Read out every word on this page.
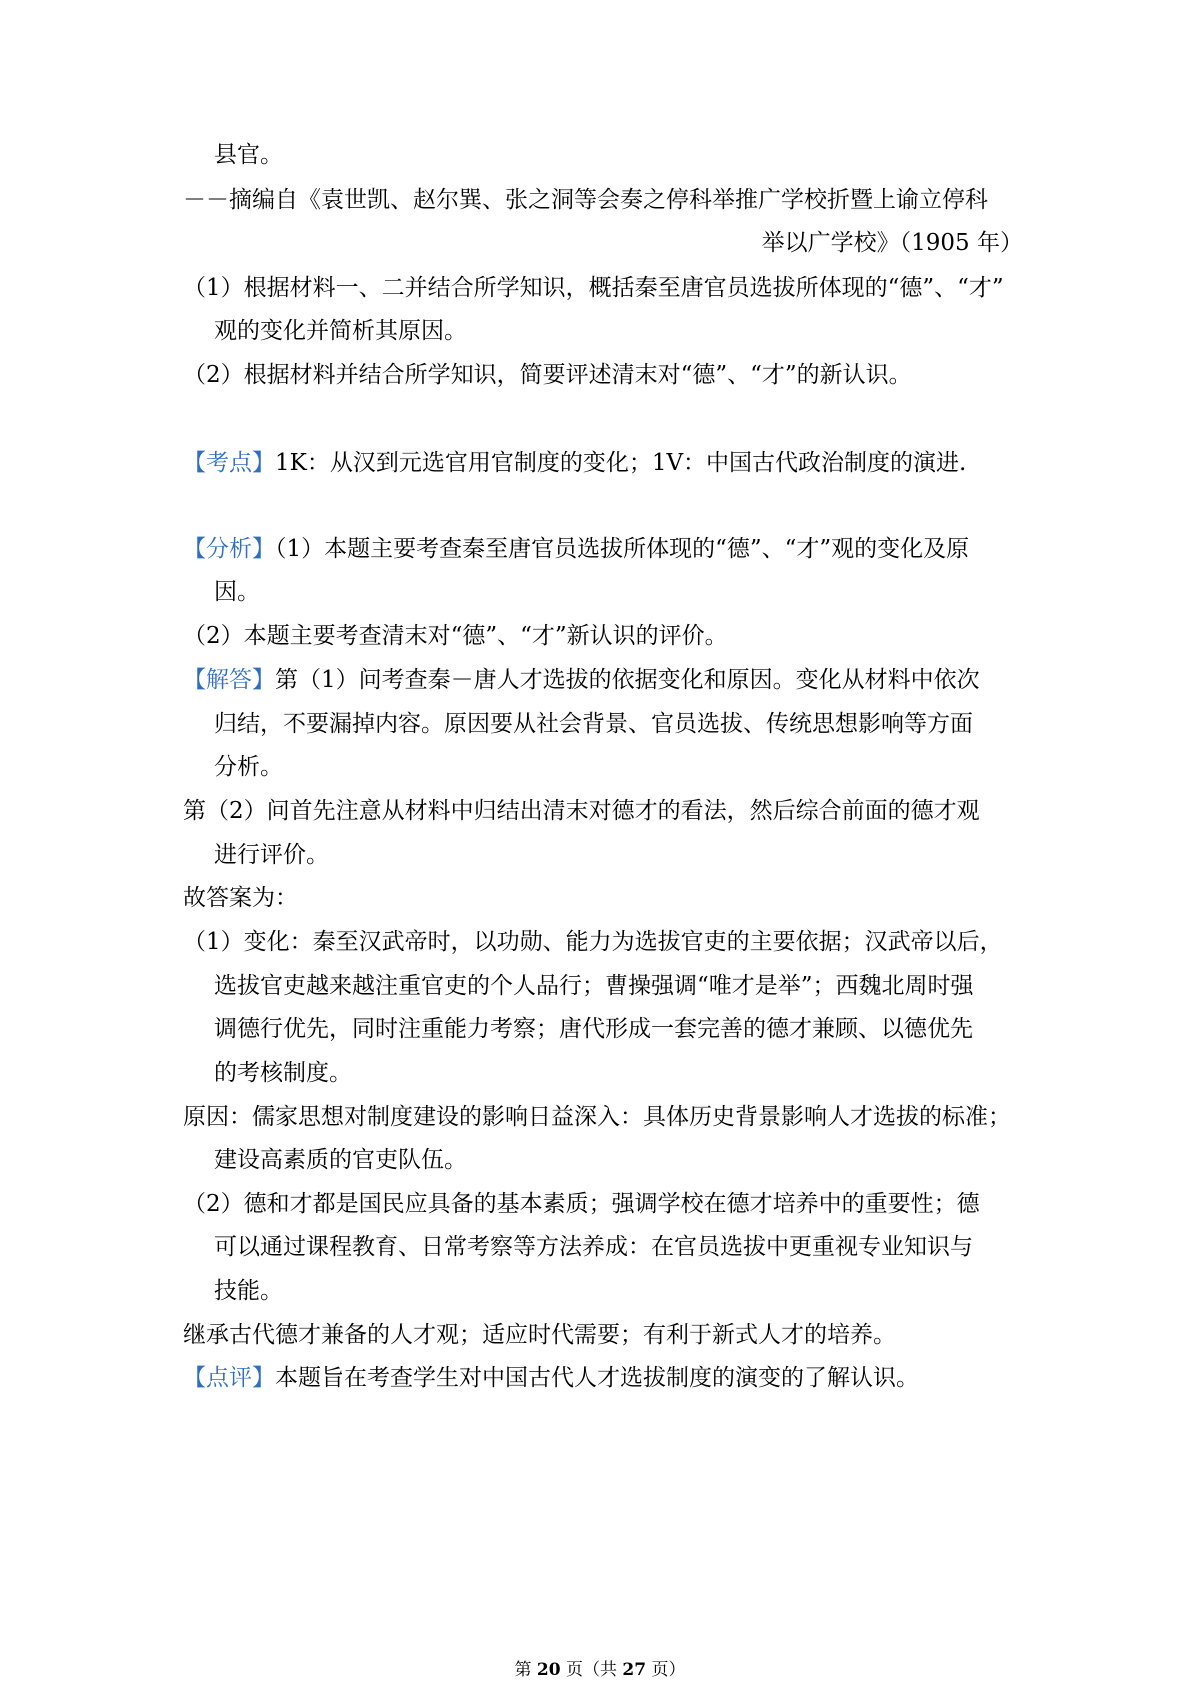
县官。
－－摘编自《袁世凯、赵尔巽、张之洞等会奏之停科举推广学校折暨上谕立停科
举以广学校》（1905 年）
（1）根据材料一、二并结合所学知识，概括秦至唐官员选拔所体现的“德”、“才”
观的变化并简析其原因。
（2）根据材料并结合所学知识，简要评述清末对“德”、“才”的新认识。
【考点】1K：从汉到元选官用官制度的变化；1V：中国古代政治制度的演进.
【分析】（1）本题主要考查秦至唐官员选拔所体现的“德”、“才”观的变化及原
因。
（2）本题主要考查清末对“德”、“才”新认识的评价。
【解答】第（1）问考查秦－唐人才选拔的依据变化和原因。变化从材料中依次
归结，不要漏掉内容。原因要从社会背景、官员选拔、传统思想影响等方面
分析。
第（2）问首先注意从材料中归结出清末对德才的看法，然后综合前面的德才观
进行评价。
故答案为：
（1）变化：秦至汉武帝时，以功勋、能力为选拔官吏的主要依据；汉武帝以后，
选拔官吏越来越注重官吏的个人品行；曹操强调“唯才是举”；西魏北周时强
调德行优先，同时注重能力考察；唐代形成一套完善的德才兼顾、以德优先
的考核制度。
原因：儒家思想对制度建设的影响日益深入：具体历史背景影响人才选拔的标准；
建设高素质的官吏队伍。
（2）德和才都是国民应具备的基本素质；强调学校在德才培养中的重要性；德
可以通过课程教育、日常考察等方法养成：在官员选拔中更重视专业知识与
技能。
继承古代德才兼备的人才观；适应时代需要；有利于新式人才的培养。
【点评】本题旨在考查学生对中国古代人才选拔制度的演变的了解认识。
第 20 页（共 27 页）
